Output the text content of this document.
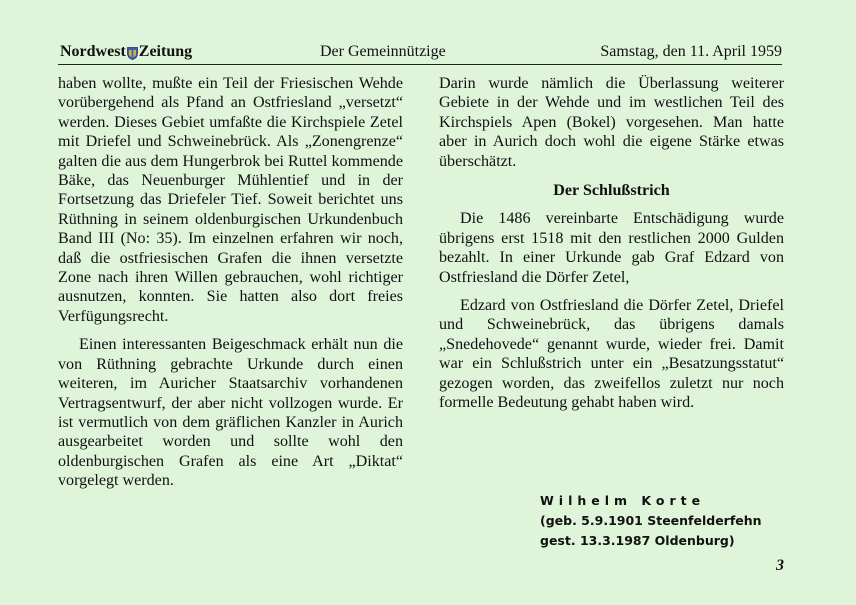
Nordwest Zeitung	Der Gemeinnützige	Samstag, den 11. April 1959

haben wollte, mußte ein Teil der Friesischen Wehde vorübergehend als Pfand an Ostfriesland „versetzt“ werden. Dieses Gebiet umfaßte die Kirchspiele Zetel mit Driefel und Schweinebrück. Als „Zonengrenze“ galten die aus dem Hungerbrok bei Ruttel kommende Bäke, das Neuenburger Mühlentief und in der Fortsetzung das Driefeler Tief. Soweit berichtet uns Rüthning in seinem oldenburgischen Urkundenbuch Band III (No: 35). Im einzelnen erfahren wir noch, daß die ostfriesischen Grafen die ihnen versetzte Zone nach ihren Willen gebrauchen, wohl richtiger ausnutzen, konnten. Sie hatten also dort freies Verfügungsrecht.

Einen interessanten Beigeschmack erhält nun die von Rüthning gebrachte Urkunde durch einen weiteren, im Auricher Staatsarchiv vorhandenen Vertragsentwurf, der aber nicht vollzogen wurde. Er ist vermutlich von dem gräflichen Kanzler in Aurich ausgearbeitet worden und sollte wohl den oldenburgischen Grafen als eine Art „Diktat“ vorgelegt werden.

Darin wurde nämlich die Überlassung weiterer Gebiete in der Wehde und im westlichen Teil des Kirchspiels Apen (Bokel) vorgesehen. Man hatte aber in Aurich doch wohl die eigene Stärke etwas überschätzt.

Der Schlußstrich

Die 1486 vereinbarte Entschädigung wurde übrigens erst 1518 mit den restlichen 2000 Gulden bezahlt. In einer Urkunde gab Graf Edzard von Ostfriesland die Dörfer Zetel,

Edzard von Ostfriesland die Dörfer Zetel, Driefel und Schweinebrück, das übrigens damals „Snedehovede“ genannt wurde, wieder frei. Damit war ein Schlußstrich unter ein „Besatzungsstatut“ gezogen worden, das zweifellos zuletzt nur noch formelle Bedeutung gehabt haben wird.

Wilhelm Korte
(geb. 5.9.1901 Steenfelderfehn
gest. 13.3.1987 Oldenburg)
3
